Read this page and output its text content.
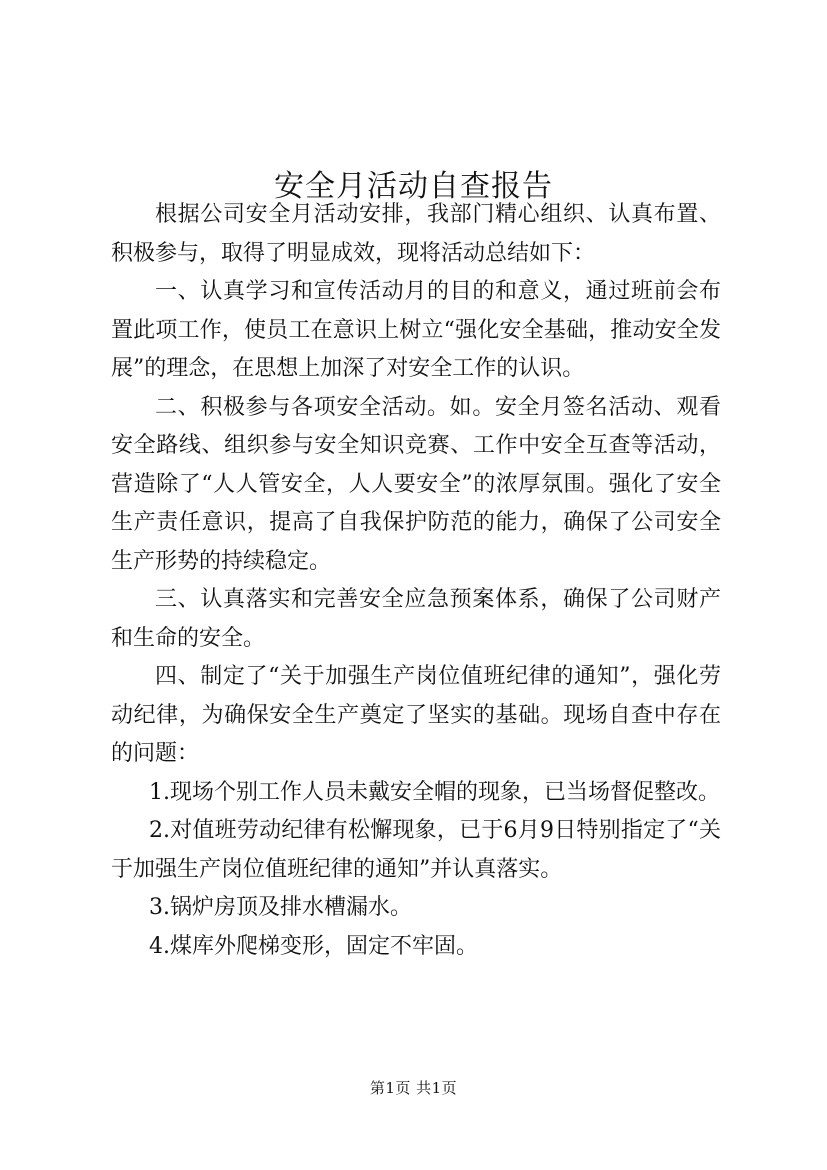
安全月活动自查报告

根据公司安全月活动安排，我部门精心组织、认真布置、积极参与，取得了明显成效，现将活动总结如下：

一、认真学习和宣传活动月的目的和意义，通过班前会布置此项工作，使员工在意识上树立“强化安全基础，推动安全发展”的理念，在思想上加深了对安全工作的认识。

二、积极参与各项安全活动。如。安全月签名活动、观看安全路线、组织参与安全知识竞赛、工作中安全互查等活动，营造除了“人人管安全，人人要安全”的浓厚氛围。强化了安全生产责任意识，提高了自我保护防范的能力，确保了公司安全生产形势的持续稳定。

三、认真落实和完善安全应急预案体系，确保了公司财产和生命的安全。

四、制定了“关于加强生产岗位值班纪律的通知”，强化劳动纪律，为确保安全生产奠定了坚实的基础。现场自查中存在的问题：

1.现场个别工作人员未戴安全帽的现象，已当场督促整改。

2.对值班劳动纪律有松懈现象，已于6月9日特别指定了“关于加强生产岗位值班纪律的通知”并认真落实。

3.锅炉房顶及排水槽漏水。

4.煤库外爬梯变形，固定不牢固。

第1页 共1页
